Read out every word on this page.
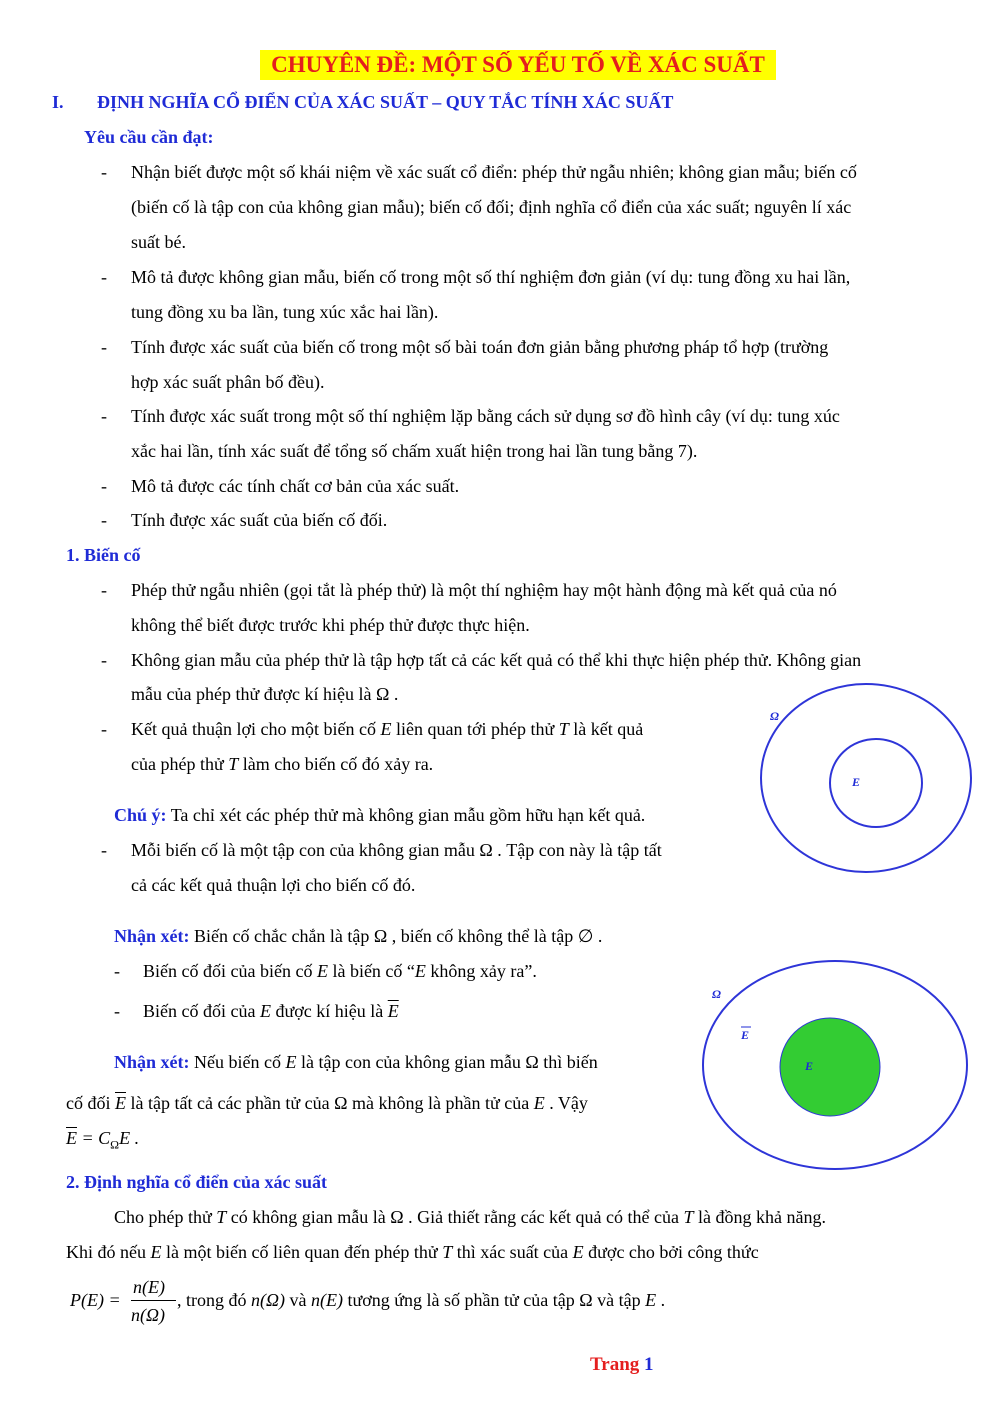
CHUYÊN ĐỀ: MỘT SỐ YẾU TỐ VỀ XÁC SUẤT
I. ĐỊNH NGHĨA CỔ ĐIỂN CỦA XÁC SUẤT – QUY TẮC TÍNH XÁC SUẤT
Yêu cầu cần đạt:
- Nhận biết được một số khái niệm về xác suất cổ điển: phép thử ngẫu nhiên; không gian mẫu; biến cố
(biến cố là tập con của không gian mẫu); biến cố đối; định nghĩa cổ điển của xác suất; nguyên lí xác
suất bé.
- Mô tả được không gian mẫu, biến cố trong một số thí nghiệm đơn giản (ví dụ: tung đồng xu hai lần,
tung đồng xu ba lần, tung xúc xắc hai lần).
- Tính được xác suất của biến cố trong một số bài toán đơn giản bằng phương pháp tổ hợp (trường
hợp xác suất phân bố đều).
- Tính được xác suất trong một số thí nghiệm lặp bằng cách sử dụng sơ đồ hình cây (ví dụ: tung xúc
xắc hai lần, tính xác suất để tổng số chấm xuất hiện trong hai lần tung bằng 7).
- Mô tả được các tính chất cơ bản của xác suất.
- Tính được xác suất của biến cố đối.
1. Biến cố
- Phép thử ngẫu nhiên (gọi tắt là phép thử) là một thí nghiệm hay một hành động mà kết quả của nó
không thể biết được trước khi phép thử được thực hiện.
- Không gian mẫu của phép thử là tập hợp tất cả các kết quả có thể khi thực hiện phép thử. Không gian
mẫu của phép thử được kí hiệu là Ω .
- Kết quả thuận lợi cho một biến cố E liên quan tới phép thử T là kết quả
của phép thử T làm cho biến cố đó xảy ra.
Chú ý: Ta chỉ xét các phép thử mà không gian mẫu gồm hữu hạn kết quả.
- Mỗi biến cố là một tập con của không gian mẫu Ω . Tập con này là tập tất
cả các kết quả thuận lợi cho biến cố đó.
Nhận xét: Biến cố chắc chắn là tập Ω , biến cố không thể là tập ∅ .
- Biến cố đối của biến cố E là biến cố “E không xảy ra”.
- Biến cố đối của E được kí hiệu là $\overline{E}$
Nhận xét: Nếu biến cố E là tập con của không gian mẫu Ω thì biến
cố đối $\overline{E}$ là tập tất cả các phần tử của Ω mà không là phần tử của E . Vậy
$\overline{E} = C_\Omega E$ .
Ω
E
Ω
E
E
2. Định nghĩa cổ điển của xác suất
Cho phép thử T có không gian mẫu là Ω . Giả thiết rằng các kết quả có thể của T là đồng khả năng.
Khi đó nếu E là một biến cố liên quan đến phép thử T thì xác suất của E được cho bởi công thức
P(E) =
n(E)
n(Ω)
, trong đó n(Ω) và n(E) tương ứng là số phần tử của tập Ω và tập E .
Trang 1
